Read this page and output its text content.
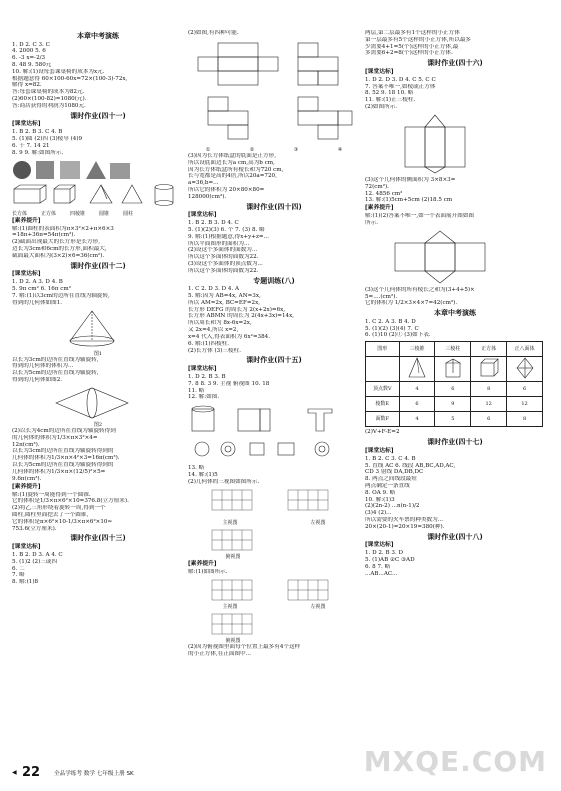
本章中考演练
1. D 2. C 3. C
4. 2000 5. 6
6. -3 x=-2/3
8. 48 9. 580元
10. 解:(1)设每套课桌椅的成本为x元.
根据题意得 60×100-60x=72×(100-3)-72x,
解得 x=82.
答:每套课桌椅的成本为82元.
(2)60×(100-82)=1080(元).
答:商店获得的利润为1080元.
课时作业(四十一)
[课堂达标]
1. B 2. B 3. C 4. B
5. (1)圆 (2)四 (3)棱导 (4)9
6. 十 7. 14 21
8. 9 9. 解:如图所示.
长方体	正方体	四棱锥	圆锥	圆柱
[素养提升]
解:(1)圆柱的表面积为π×3²×2+π×6×3
=18π+36π=54π(cm²).
(2)截面出现最大的长方形是长方形,
边长为3cm和6cm的长方形,面积最大,
截面最大面积为(3×2)×6=36(cm²).
课时作业(四十二)
[课堂达标]
1. D 2. A 3. D 4. B
5. 9π cm² 6. 16π cm²
7. 解:(1)以3cm的边所在直线为轴旋转,
得到的几何体如图1.
图1
以长为3cm的边所在直线为轴旋转,
得到的几何体的体积为...
以长为5cm的边所在直线为轴旋转,
得到的几何体如图2.
图2
(2)以长为4cm的边所在直线为轴旋转得到
的几何体的体积为1/3×π×3²×4=
12π(cm³).
以长为3cm的边所在直线为轴旋转得到的
几何体的体积为1/3×π×4²×3=16π(cm³).
以长为5cm的边所在直线为轴旋转得到的
几何体的体积为1/3×π×(12/5)²×5=
9.6π(cm³).
[素养提升]
解:(1)旋转一周能得到一个圆锥.
它的体积是1/3×π×6²×10=376.8(立方厘米).
(2)将乙三角形绕着旋转一周,得到一个
圆柱,圆柱里面挖去了一个圆锥,
它的体积是π×6²×10-1/3×π×6²×10≈
753.6(立方厘米).
课时作业(四十三)
[课堂达标]
1. B 2. D 3. A 4. C
5. (1)2 (2)三或四
6. 二
7. 略
8. 解:(1)8
(2)如图,有四种可能.
①	②	③	④
(3)因为长方体纸盒的底面是正方形,
所以设底面边长为a cm,高为b cm,
因为长方体纸盒所有棱长和为720 cm,
长与宽都是高的4倍,所以20a=720,
a=36,b=...
所以它的体积为 20×80×80=
128000(cm³).
课时作业(四十四)
[课堂达标]
1. B 2. B 3. D 4. C
5. (1)(2)(3) 6. 个 7. (3) 8. 略
9. 解:(1)根据题意,得x+y+z=...
所以平面图形的面积为...
(2)设这个多面体的面数为...
所以这个多面体的面数为22.
(3)设这个多面体的顶点数为...
所以这个多面体的面数为22.
专题训练(八)
1. C 2. D 3. D 4. A
5. 解:因为 AB=4x, AN=3x,
所以 AM=2x, BC=EF=2x,
长方形 DEFG 的周长为 2(x+2x)=6x,
长方形 ABMN 的周长为 2(4x+3x)=14x,
所以周长和为 8x-6x=2x,
又 2x=4,所以 x=2,
x=4 代入,得表面积为 6x²=384.
6. 解:(1)四棱柱.
(2)长方体 (3)三棱柱.
课时作业(四十五)
[课堂达标]
1. D 2. B 3. B
7. 8 8. 3 9. 主视 俯视图 10. 18
11. 略
12. 解:如图.
13. 略
14. 解:(1)5
(2)几何体的三视图如图所示.
主视图	左视图
俯视图
[素养提升]
解:(1)如图所示.
主视图	左视图
俯视图
(2)因为俯视图里面每个位置上最多有4个这样
的小正方体,在正面图中...
两层,第二层最多有1个这样的小正方体
第一层最多有5个这样的小正方体,所以最多
少需要4+1=5(个)这样的小正方体,最
多需要6+2=8(个)这样的小正方体.
课时作业(四十六)
[课堂达标]
1. D 2. D 3. D 4. C 5. C C
7. 答案不唯一,如棱或正方体
8. 52 9. 18 10. 略
11. 解:(1)正三棱柱.
(2)如图所示.
(3)这个几何体的侧面积为 3×8×3=
72(cm²).
12. 4856 cm²
13. 解:(1)5cm+5cm (2)18.5 cm
[素养提升]
解:(1)(2)答案不唯一,如一个表面展开图如图
所示.
(3)这个几何体的所有棱长之和为(3+4+5)×
5=....(cm²).
它的体积为 1/2×3×4×7=42(cm³).
本章中考演练
1. C 2. A 3. B 4. D
5. (1)(2) (3)(4) 7. C
6. (1)10 (2)① (3)如下表.
图形	三棱锥	三棱柱	正方体	正八面体

顶点数V	4	6	8	6
棱数E	6	9	12	12
面数F	4	5	6	8
(2)V+F-E=2
课时作业(四十七)
[课堂达标]
1. B 2. C 3. C 4. B
5. 直线 AC 6. 线段 AB,BC,AD,AC,
CD 3 射线 DA,DB,DC
8. 两点之间线段最短
两点确定一条直线
8. OA 9. 略
10. 解:(1)3
(2)(2n-2) ...n(n-1)/2
(3)4 (2)...
所以需要的火车票的种类数为...
20×(20-1)=20×19=380(种).
课时作业(四十八)
[课堂达标]
1. D 2. B 3. D
5. (1)AB ②C ③AD
6. 8 7. 略
...AB...AC...
◀ 22 全品学练考 数学 七年级上册 SK	MXQE.COM
